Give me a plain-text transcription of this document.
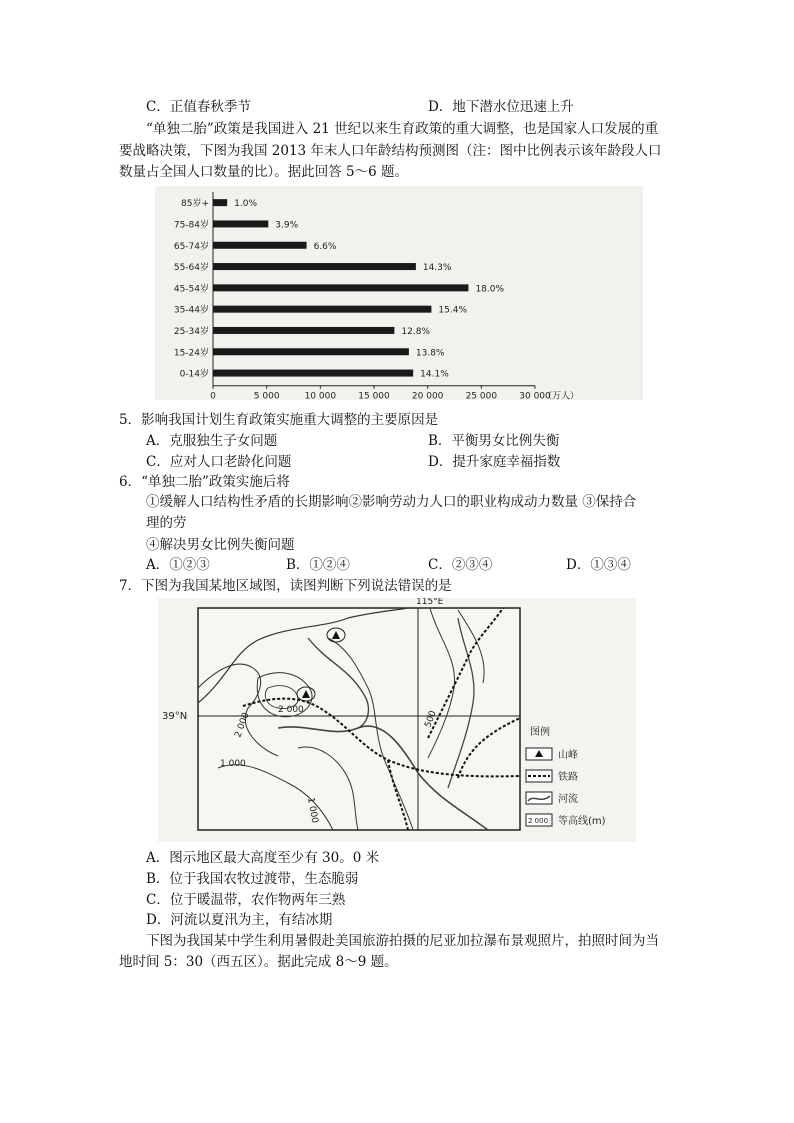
C．正值春秋季节	D．地下潜水位迅速上升
“单独二胎”政策是我国进入 21 世纪以来生育政策的重大调整，也是国家人口发展的重
要战略决策，下图为我国 2013 年末人口年龄结构预测图（注：图中比例表示该年龄段人口
数量占全国人口数量的比）。据此回答 5～6 题。
85岁+	1.0%
75-84岁	3.9%
65-74岁	6.6%
55-64岁	14.3%
45-54岁	18.0%
35-44岁	15.4%
25-34岁	12.8%
15-24岁	13.8%
0-14岁	14.1%
0	5 000	10 000 15 000 20 000 25 000 30 000
（万人）
5．影响我国计划生育政策实施重大调整的主要原因是
A．克服独生子女问题	B．平衡男女比例失衡
C．应对人口老龄化问题	D．提升家庭幸福指数
6．“单独二胎”政策实施后将
①缓解人口结构性矛盾的长期影响②影响劳动力人口的职业构成动力数量 ③保持合
理的劳
④解决男女比例失衡问题
A．①②③	B．①②④	C．②③④	D．①③④
7．下图为我国某地区域图，读图判断下列说法错误的是
115°E
39°N
2 000
1 000
1 000
500
2 000	图例
山峰
铁路
河流
2 000 等高线(m)
A．图示地区最大高度至少有 30。0 米
B．位于我国农牧过渡带，生态脆弱
C．位于暖温带，农作物两年三熟
D．河流以夏汛为主，有结冰期
下图为我国某中学生利用暑假赴美国旅游拍摄的尼亚加拉瀑布景观照片，拍照时间为当
地时间 5：30（西五区）。据此完成 8～9 题。
